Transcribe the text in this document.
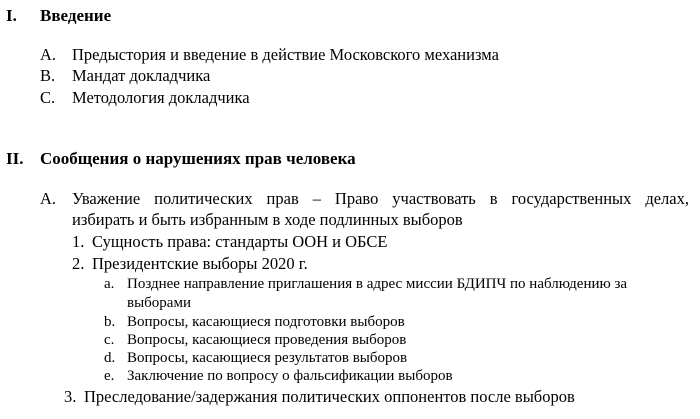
I. Введение
A. Предыстория и введение в действие Московского механизма
B. Мандат докладчика
C. Методология докладчика
II. Сообщения о нарушениях прав человека
A. Уважение политических прав – Право участвовать в государственных делах,
избирать и быть избранным в ходе подлинных выборов
1. Сущность права: стандарты ООН и ОБСЕ
2. Президентские выборы 2020 г.
a. Позднее направление приглашения в адрес миссии БДИПЧ по наблюдению за
выборами
b. Вопросы, касающиеся подготовки выборов
c. Вопросы, касающиеся проведения выборов
d. Вопросы, касающиеся результатов выборов
e. Заключение по вопросу о фальсификации выборов
3. Преследование/задержания политических оппонентов после выборов
